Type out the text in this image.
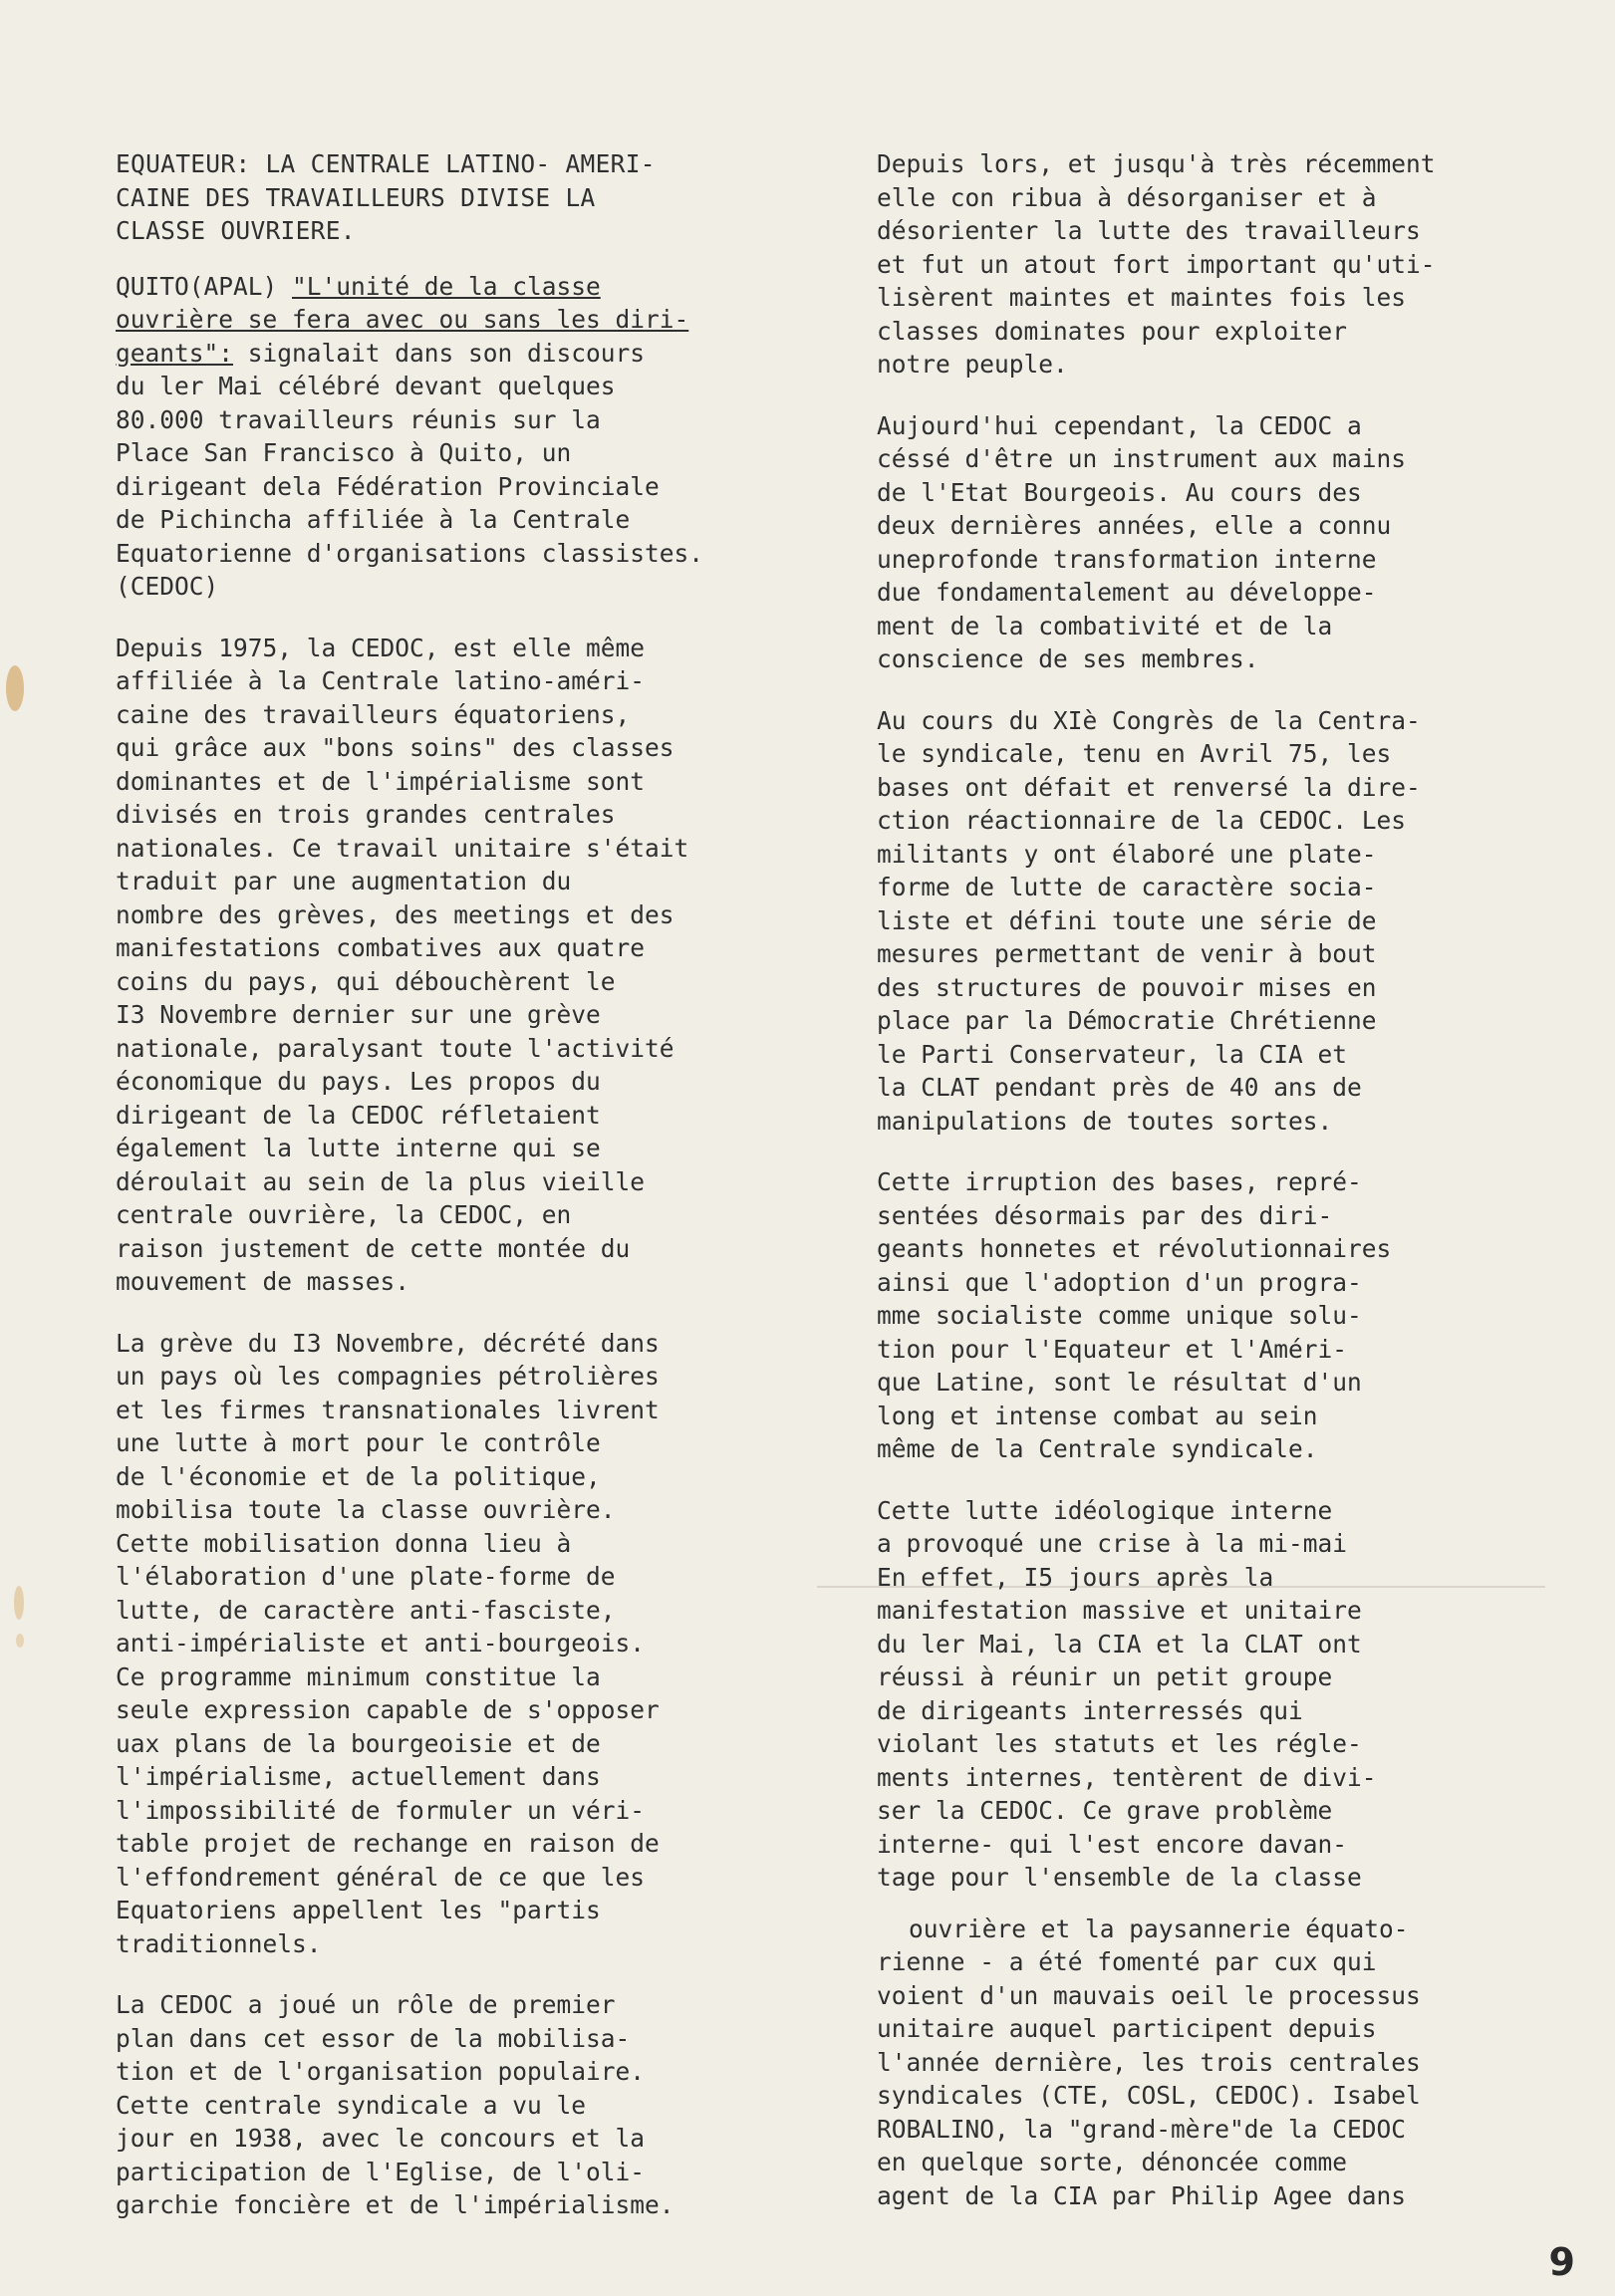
EQUATEUR: LA CENTRALE LATINO- AMERI-
CAINE DES TRAVAILLEURS DIVISE LA
CLASSE OUVRIERE.

QUITO(APAL) "L'unité de la classe
ouvrière se fera avec ou sans les diri-
geants": signalait dans son discours
du ler Mai célébré devant quelques
80.000 travailleurs réunis sur la
Place San Francisco à Quito, un
dirigeant dela Fédération Provinciale
de Pichincha affiliée à la Centrale
Equatorienne d'organisations classistes.
(CEDOC)

Depuis 1975, la CEDOC, est elle même
affiliée à la Centrale latino-améri-
caine des travailleurs équatoriens,
qui grâce aux "bons soins" des classes
dominantes et de l'impérialisme sont
divisés en trois grandes centrales
nationales. Ce travail unitaire s'était
traduit par une augmentation du
nombre des grèves, des meetings et des
manifestations combatives aux quatre
coins du pays, qui débouchèrent le
I3 Novembre dernier sur une grève
nationale, paralysant toute l'activité
économique du pays. Les propos du
dirigeant de la CEDOC réfletaient
également la lutte interne qui se
déroulait au sein de la plus vieille
centrale ouvrière, la CEDOC, en
raison justement de cette montée du
mouvement de masses.

La grève du I3 Novembre, décrété dans
un pays où les compagnies pétrolières
et les firmes transnationales livrent
une lutte à mort pour le contrôle
de l'économie et de la politique,
mobilisa toute la classe ouvrière.
Cette mobilisation donna lieu à
l'élaboration d'une plate-forme de
lutte, de caractère anti-fasciste,
anti-impérialiste et anti-bourgeois.
Ce programme minimum constitue la
seule expression capable de s'opposer
uax plans de la bourgeoisie et de
l'impérialisme, actuellement dans
l'impossibilité de formuler un véri-
table projet de rechange en raison de
l'effondrement général de ce que les
Equatoriens appellent les "partis
traditionnels.

La CEDOC a joué un rôle de premier
plan dans cet essor de la mobilisa-
tion et de l'organisation populaire.
Cette centrale syndicale a vu le
jour en 1938, avec le concours et la
participation de l'Eglise, de l'oli-
garchie foncière et de l'impérialisme.

Depuis lors, et jusqu'à très récemment
elle con ribua à désorganiser et à
désorienter la lutte des travailleurs
et fut un atout fort important qu'uti-
lisèrent maintes et maintes fois les
classes dominates pour exploiter
notre peuple.

Aujourd'hui cependant, la CEDOC a
céssé d'être un instrument aux mains
de l'Etat Bourgeois. Au cours des
deux dernières années, elle a connu
uneprofonde transformation interne
due fondamentalement au développe-
ment de la combativité et de la
conscience de ses membres.

Au cours du XIè Congrès de la Centra-
le syndicale, tenu en Avril 75, les
bases ont défait et renversé la dire-
ction réactionnaire de la CEDOC. Les
militants y ont élaboré une plate-
forme de lutte de caractère socia-
liste et défini toute une série de
mesures permettant de venir à bout
des structures de pouvoir mises en
place par la Démocratie Chrétienne
le Parti Conservateur, la CIA et
la CLAT pendant près de 40 ans de
manipulations de toutes sortes.

Cette irruption des bases, repré-
sentées désormais par des diri-
geants honnetes et révolutionnaires
ainsi que l'adoption d'un progra-
mme socialiste comme unique solu-
tion pour l'Equateur et l'Améri-
que Latine, sont le résultat d'un
long et intense combat au sein
même de la Centrale syndicale.

Cette lutte idéologique interne
a provoqué une crise à la mi-mai
En effet, I5 jours après la
manifestation massive et unitaire
du ler Mai, la CIA et la CLAT ont
réussi à réunir un petit groupe
de dirigeants interressés qui
violant les statuts et les régle-
ments internes, tentèrent de divi-
ser la CEDOC. Ce grave problème
interne- qui l'est encore davan-
tage pour l'ensemble de la classe

ouvrière et la paysannerie équato-
rienne - a été fomenté par cux qui
voient d'un mauvais oeil le processus
unitaire auquel participent depuis
l'année dernière, les trois centrales
syndicales (CTE, COSL, CEDOC). Isabel
ROBALINO, la "grand-mère"de la CEDOC
en quelque sorte, dénoncée comme
agent de la CIA par Philip Agee dans

9
